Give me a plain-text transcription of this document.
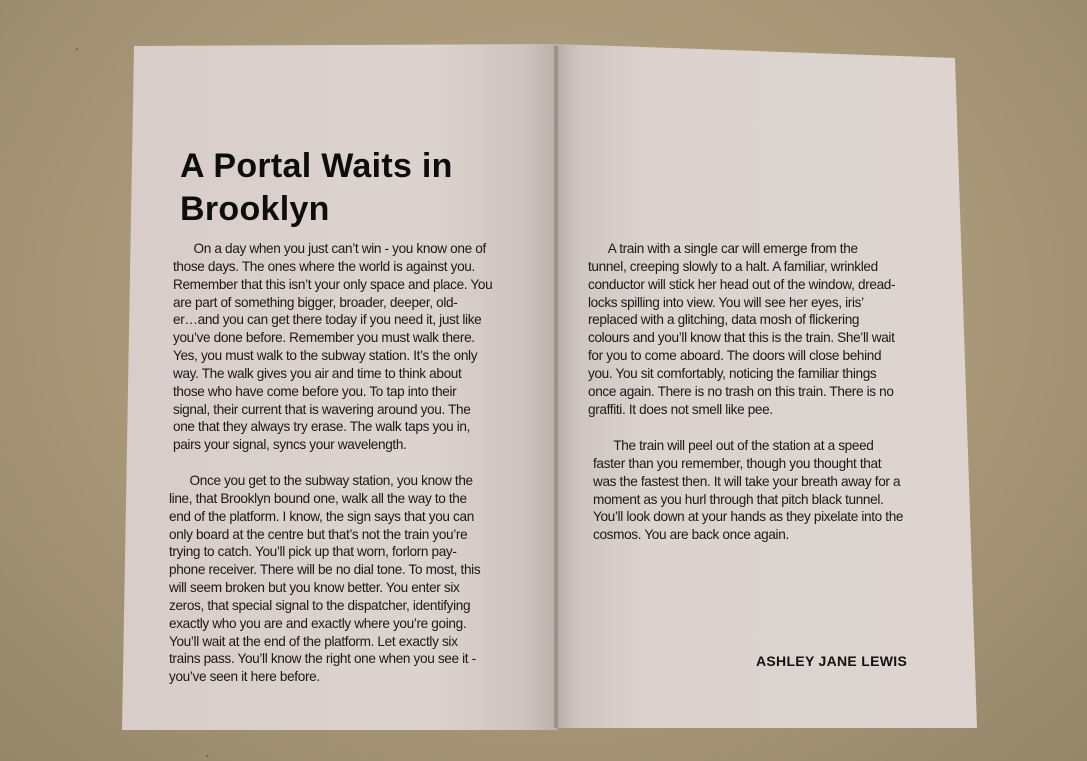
A Portal Waits in
Brooklyn

On a day when you just can’t win - you know one of
those days. The ones where the world is against you.
Remember that this isn’t your only space and place. You
are part of something bigger, broader, deeper, old-
er…and you can get there today if you need it, just like
you’ve done before. Remember you must walk there.
Yes, you must walk to the subway station. It’s the only
way. The walk gives you air and time to think about
those who have come before you. To tap into their
signal, their current that is wavering around you. The
one that they always try erase. The walk taps you in,
pairs your signal, syncs your wavelength.

Once you get to the subway station, you know the
line, that Brooklyn bound one, walk all the way to the
end of the platform. I know, the sign says that you can
only board at the centre but that’s not the train you’re
trying to catch. You’ll pick up that worn, forlorn pay-
phone receiver. There will be no dial tone. To most, this
will seem broken but you know better. You enter six
zeros, that special signal to the dispatcher, identifying
exactly who you are and exactly where you’re going.
You’ll wait at the end of the platform. Let exactly six
trains pass. You’ll know the right one when you see it -
you’ve seen it here before.

A train with a single car will emerge from the
tunnel, creeping slowly to a halt. A familiar, wrinkled
conductor will stick her head out of the window, dread-
locks spilling into view. You will see her eyes, iris’
replaced with a glitching, data mosh of flickering
colours and you’ll know that this is the train. She’ll wait
for you to come aboard. The doors will close behind
you. You sit comfortably, noticing the familiar things
once again. There is no trash on this train. There is no
graffiti. It does not smell like pee.

The train will peel out of the station at a speed
faster than you remember, though you thought that
was the fastest then. It will take your breath away for a
moment as you hurl through that pitch black tunnel.
You’ll look down at your hands as they pixelate into the
cosmos. You are back once again.

ASHLEY JANE LEWIS
